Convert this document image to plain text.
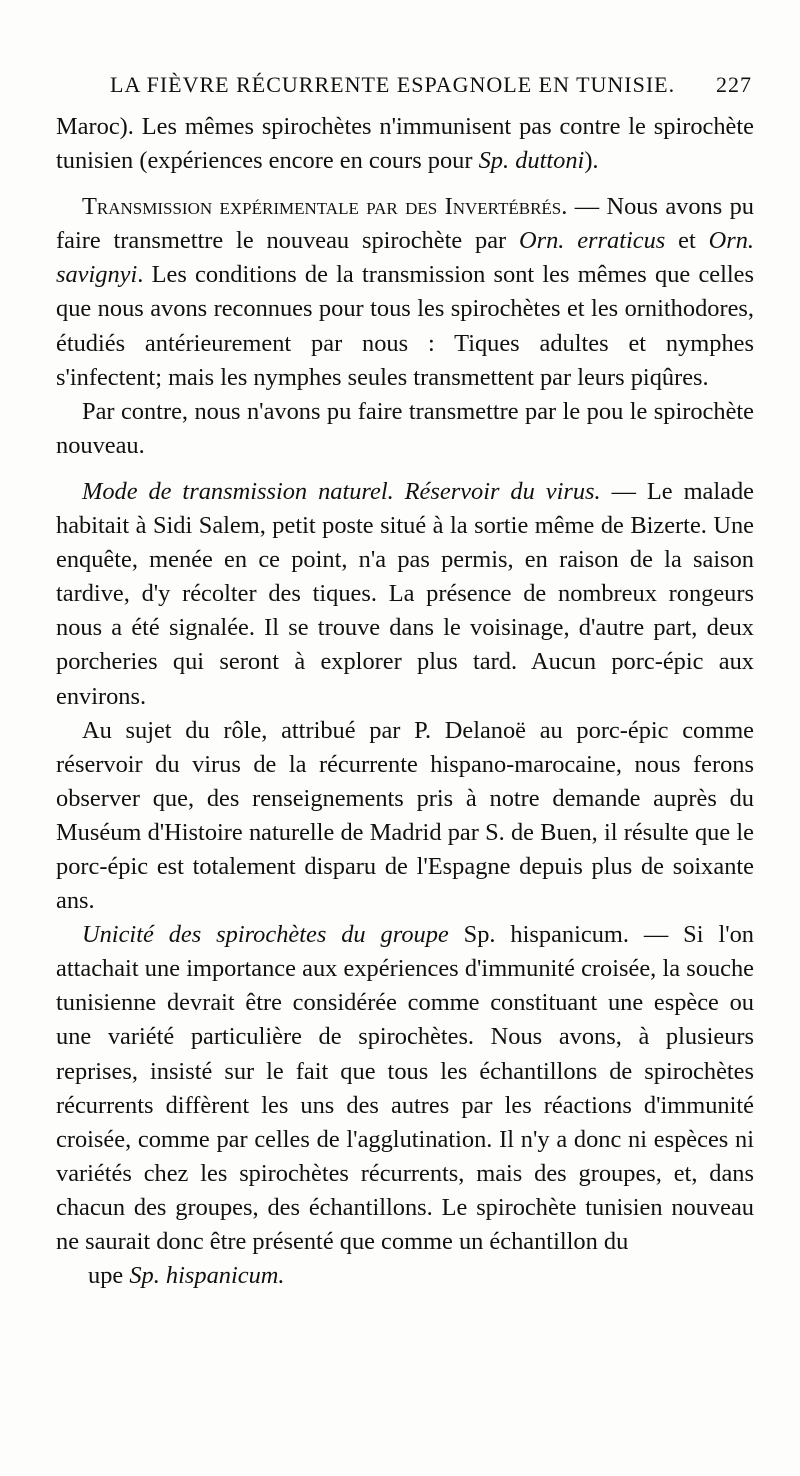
LA FIÈVRE RÉCURRENTE ESPAGNOLE EN TUNISIE. 227

Maroc). Les mêmes spirochètes n'immunisent pas contre le spirochète tunisien (expériences encore en cours pour Sp. duttoni).

Transmission expérimentale par des Invertébrés. — Nous avons pu faire transmettre le nouveau spirochète par Orn. erraticus et Orn. savignyi. Les conditions de la transmission sont les mêmes que celles que nous avons reconnues pour tous les spirochètes et les ornithodores, étudiés antérieurement par nous : Tiques adultes et nymphes s'infectent; mais les nymphes seules transmettent par leurs piqûres.

Par contre, nous n'avons pu faire transmettre par le pou le spirochète nouveau.

Mode de transmission naturel. Réservoir du virus. — Le malade habitait à Sidi Salem, petit poste situé à la sortie même de Bizerte. Une enquête, menée en ce point, n'a pas permis, en raison de la saison tardive, d'y récolter des tiques. La présence de nombreux rongeurs nous a été signalée. Il se trouve dans le voisinage, d'autre part, deux porcheries qui seront à explorer plus tard. Aucun porc-épic aux environs.

Au sujet du rôle, attribué par P. Delanoë au porc-épic comme réservoir du virus de la récurrente hispano-marocaine, nous ferons observer que, des renseignements pris à notre demande auprès du Muséum d'Histoire naturelle de Madrid par S. de Buen, il résulte que le porc-épic est totalement disparu de l'Espagne depuis plus de soixante ans.

Unicité des spirochètes du groupe Sp. hispanicum. — Si l'on attachait une importance aux expériences d'immunité croisée, la souche tunisienne devrait être considérée comme constituant une espèce ou une variété particulière de spirochètes. Nous avons, à plusieurs reprises, insisté sur le fait que tous les échantillons de spirochètes récurrents diffèrent les uns des autres par les réactions d'immunité croisée, comme par celles de l'agglutination. Il n'y a donc ni espèces ni variétés chez les spirochètes récurrents, mais des groupes, et, dans chacun des groupes, des échantillons. Le spirochète tunisien nouveau ne saurait donc être présenté que comme un échantillon du

upe Sp. hispanicum.
